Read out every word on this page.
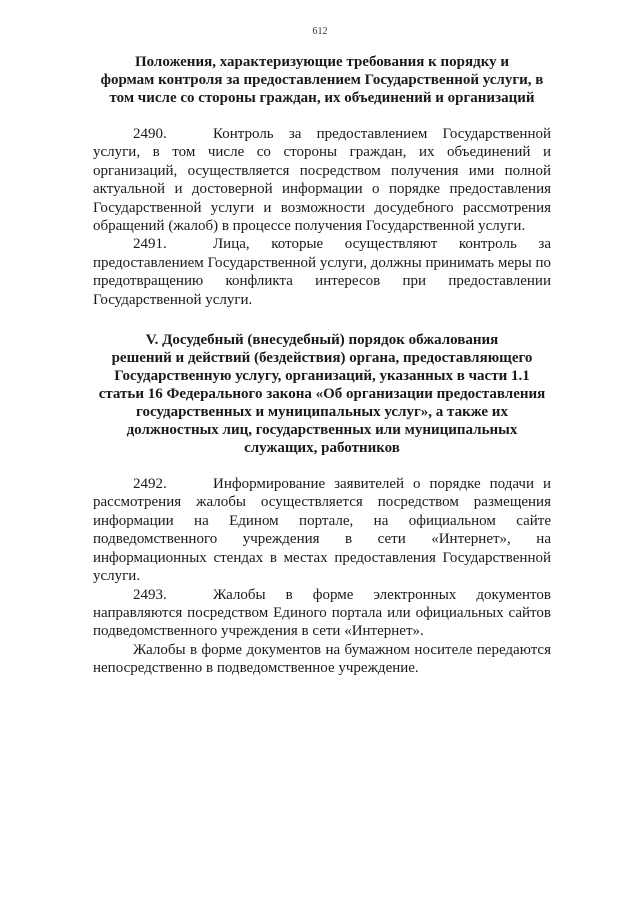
612
Положения, характеризующие требования к порядку и
формам контроля за предоставлением Государственной услуги, в
том числе со стороны граждан, их объединений и организаций

2490.	Контроль за предоставлением Государственной услуги, в том числе со стороны граждан, их объединений и организаций, осуществляется посредством получения ими полной актуальной и достоверной информации о порядке предоставления Государственной услуги и возможности досудебного рассмотрения обращений (жалоб) в процессе получения Государственной услуги.

2491.	Лица, которые осуществляют контроль за предоставлением Государственной услуги, должны принимать меры по предотвращению конфликта интересов при предоставлении Государственной услуги.

V. Досудебный (внесудебный) порядок обжалования
решений и действий (бездействия) органа, предоставляющего
Государственную услугу, организаций, указанных в части 1.1
статьи 16 Федерального закона «Об организации предоставления
государственных и муниципальных услуг», а также их
должностных лиц, государственных или муниципальных
служащих, работников

2492.	Информирование заявителей о порядке подачи и рассмотрения жалобы осуществляется посредством размещения информации на Едином портале, на официальном сайте подведомственного учреждения в сети «Интернет», на информационных стендах в местах предоставления Государственной услуги.

2493.	Жалобы в форме электронных документов направляются посредством Единого портала или официальных сайтов подведомственного учреждения в сети «Интернет».

Жалобы в форме документов на бумажном носителе передаются непосредственно в подведомственное учреждение.
